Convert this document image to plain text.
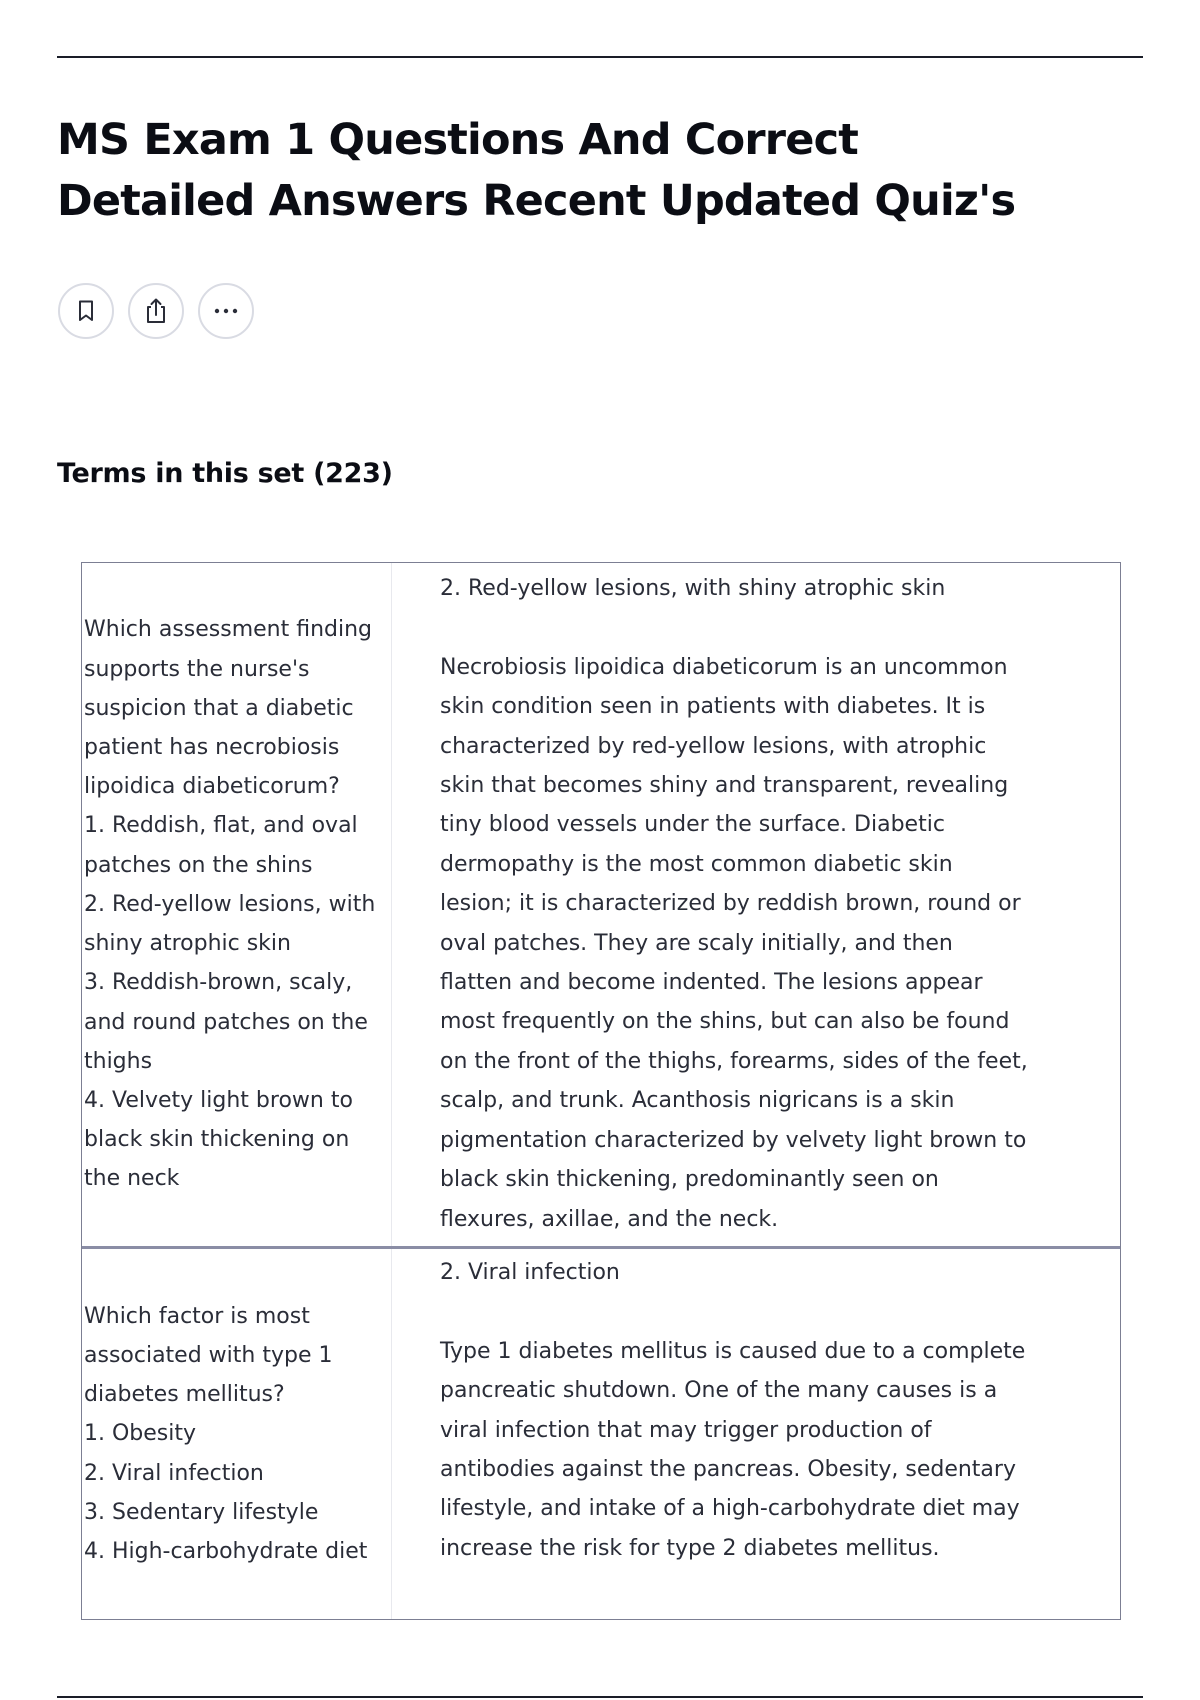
MS Exam 1 Questions And Correct Detailed Answers Recent Updated Quiz's
Terms in this set (223)
Which assessment finding supports the nurse's suspicion that a diabetic patient has necrobiosis lipoidica diabeticorum?
1. Reddish, flat, and oval patches on the shins
2. Red-yellow lesions, with shiny atrophic skin
3. Reddish-brown, scaly, and round patches on the thighs
4. Velvety light brown to black skin thickening on the neck
2. Red-yellow lesions, with shiny atrophic skin

Necrobiosis lipoidica diabeticorum is an uncommon skin condition seen in patients with diabetes. It is characterized by red-yellow lesions, with atrophic skin that becomes shiny and transparent, revealing tiny blood vessels under the surface. Diabetic dermopathy is the most common diabetic skin lesion; it is characterized by reddish brown, round or oval patches. They are scaly initially, and then flatten and become indented. The lesions appear most frequently on the shins, but can also be found on the front of the thighs, forearms, sides of the feet, scalp, and trunk. Acanthosis nigricans is a skin pigmentation characterized by velvety light brown to black skin thickening, predominantly seen on flexures, axillae, and the neck.
Which factor is most associated with type 1 diabetes mellitus?
1. Obesity
2. Viral infection
3. Sedentary lifestyle
4. High-carbohydrate diet
2. Viral infection

Type 1 diabetes mellitus is caused due to a complete pancreatic shutdown. One of the many causes is a viral infection that may trigger production of antibodies against the pancreas. Obesity, sedentary lifestyle, and intake of a high-carbohydrate diet may increase the risk for type 2 diabetes mellitus.
